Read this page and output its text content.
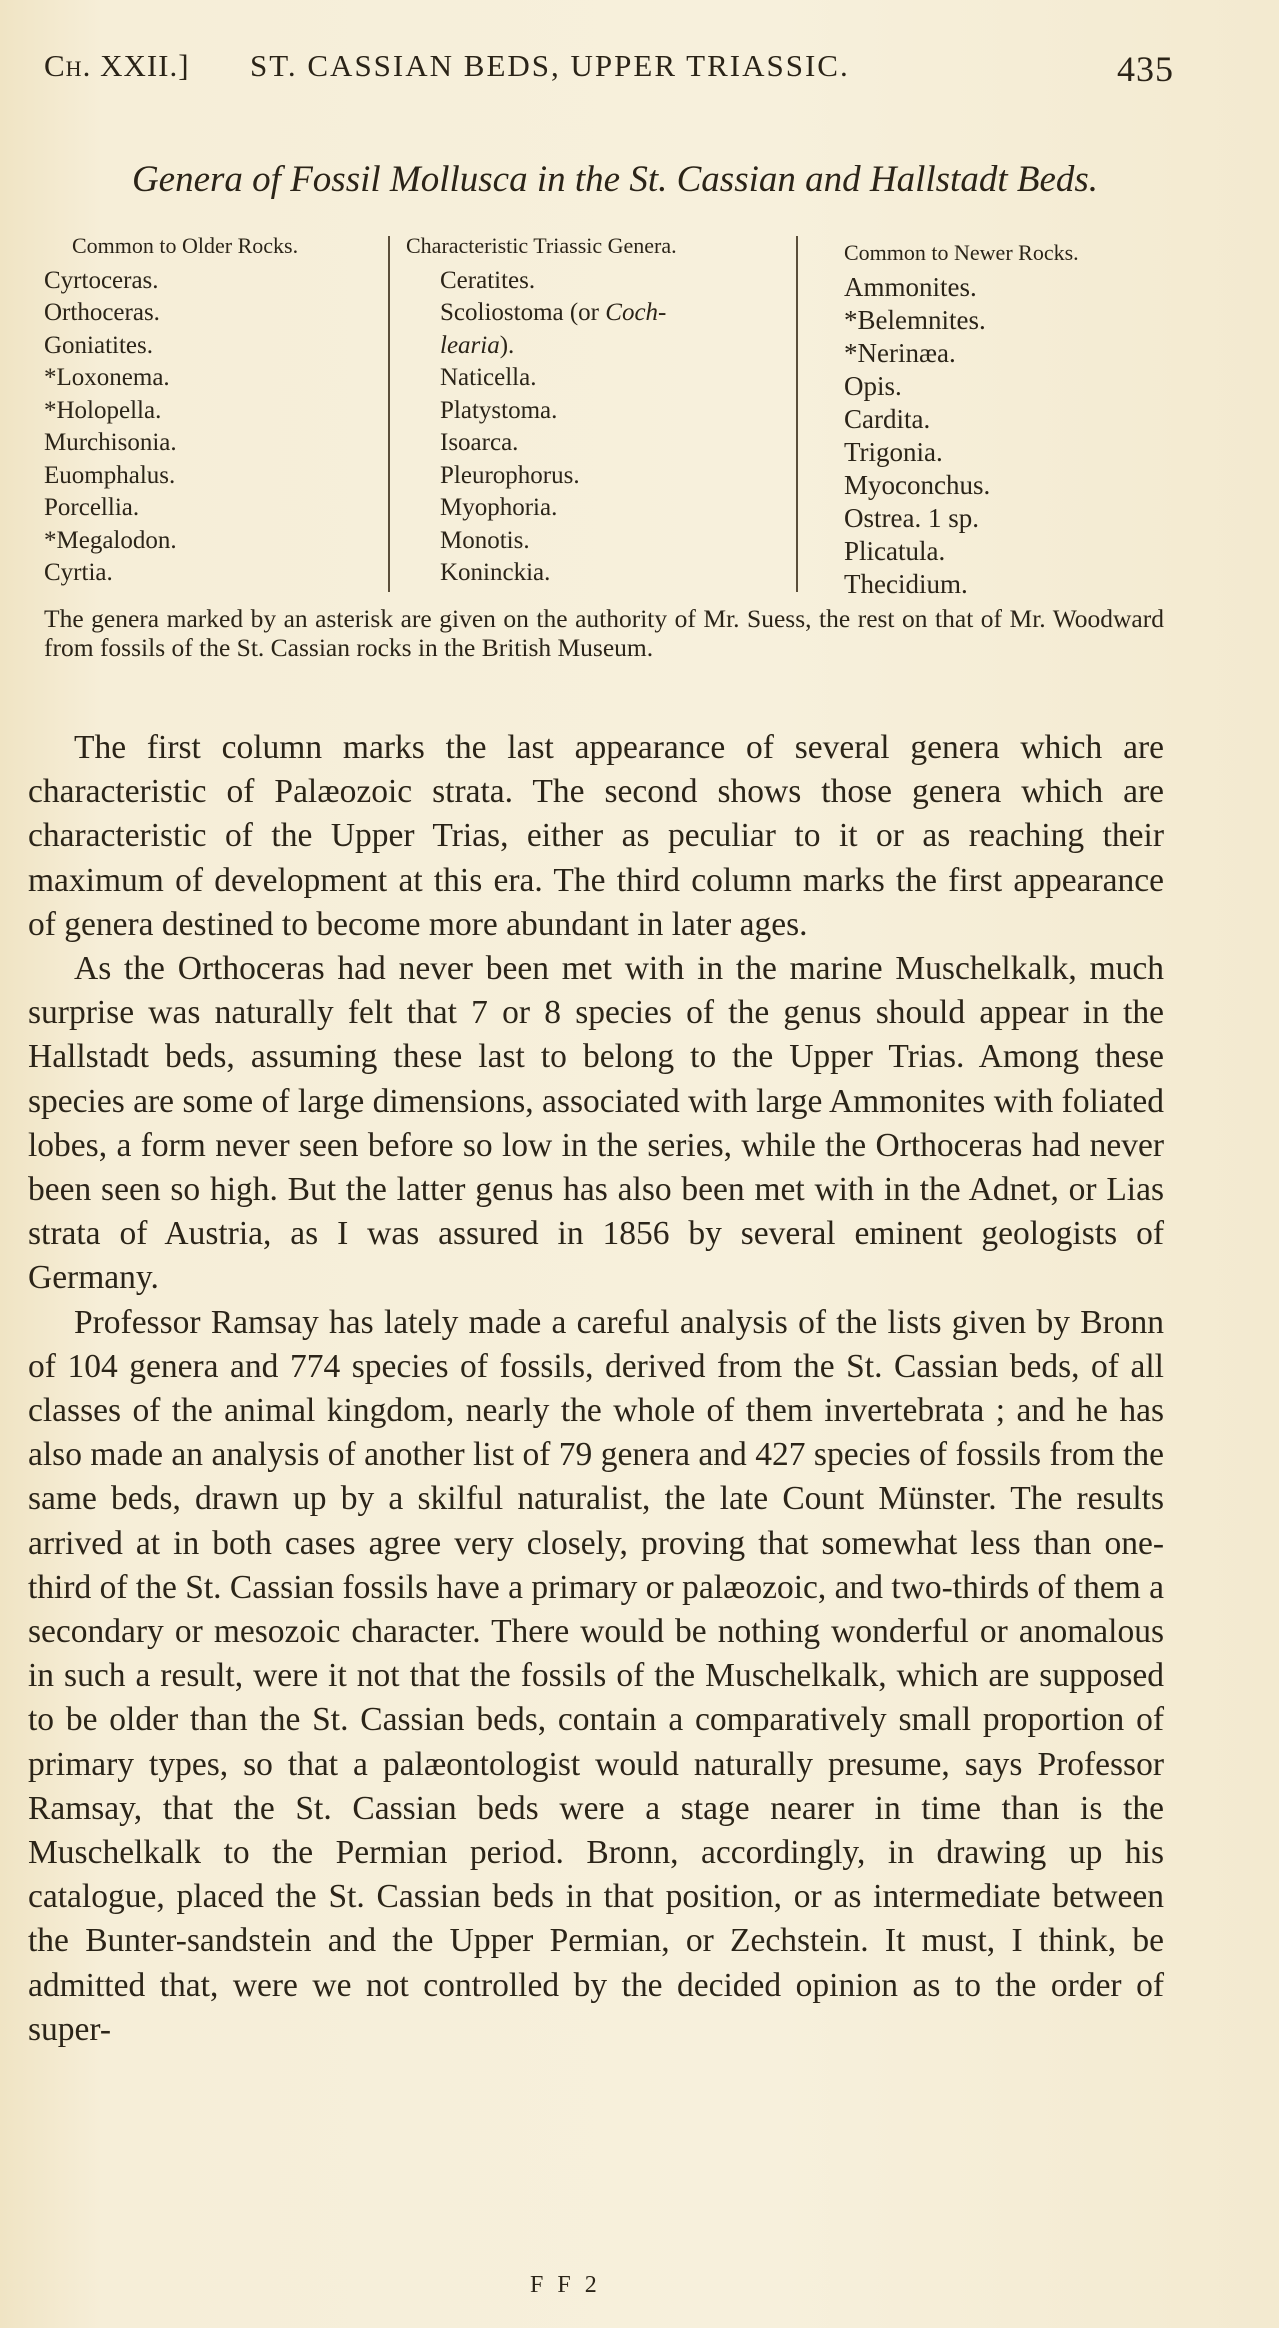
Ch. XXII.] ST. CASSIAN BEDS, UPPER TRIASSIC.	435
Genera of Fossil Mollusca in the St. Cassian and Hallstadt Beds.
Common to Older Rocks.
Cyrtoceras.
Orthoceras.
Goniatites.
*Loxonema.
*Holopella.
Murchisonia.
Euomphalus.
Porcellia.
*Megalodon.
Cyrtia.
Characteristic Triassic Genera.
Ceratites.
Scoliostoma (or Coch-
learia).
Naticella.
Platystoma.
Isoarca.
Pleurophorus.
Myophoria.
Monotis.
Koninckia.
Common to Newer Rocks.
Ammonites.
*Belemnites.
*Nerinæa.
Opis.
Cardita.
Trigonia.
Myoconchus.
Ostrea. 1 sp.
Plicatula.
Thecidium.
The genera marked by an asterisk are given on the authority of Mr. Suess, the rest on that of Mr. Woodward from fossils of the St. Cassian rocks in the British Museum.

The first column marks the last appearance of several genera which are characteristic of Palæozoic strata. The second shows those genera which are characteristic of the Upper Trias, either as peculiar to it or as reaching their maximum of development at this era. The third column marks the first appearance of genera destined to become more abundant in later ages.

As the Orthoceras had never been met with in the marine Muschelkalk, much surprise was naturally felt that 7 or 8 species of the genus should appear in the Hallstadt beds, assuming these last to belong to the Upper Trias. Among these species are some of large dimensions, associated with large Ammonites with foliated lobes, a form never seen before so low in the series, while the Orthoceras had never been seen so high. But the latter genus has also been met with in the Adnet, or Lias strata of Austria, as I was assured in 1856 by several eminent geologists of Germany.

Professor Ramsay has lately made a careful analysis of the lists given by Bronn of 104 genera and 774 species of fossils, derived from the St. Cassian beds, of all classes of the animal kingdom, nearly the whole of them invertebrata ; and he has also made an analysis of another list of 79 genera and 427 species of fossils from the same beds, drawn up by a skilful naturalist, the late Count Münster. The results arrived at in both cases agree very closely, proving that somewhat less than one-third of the St. Cassian fossils have a primary or palæozoic, and two-thirds of them a secondary or mesozoic character. There would be nothing wonderful or anomalous in such a result, were it not that the fossils of the Muschelkalk, which are supposed to be older than the St. Cassian beds, contain a comparatively small proportion of primary types, so that a palæontologist would naturally presume, says Professor Ramsay, that the St. Cassian beds were a stage nearer in time than is the Muschelkalk to the Permian period. Bronn, accordingly, in drawing up his catalogue, placed the St. Cassian beds in that position, or as intermediate between the Bunter-sandstein and the Upper Permian, or Zechstein. It must, I think, be admitted that, were we not controlled by the decided opinion as to the order of super-

F F 2
